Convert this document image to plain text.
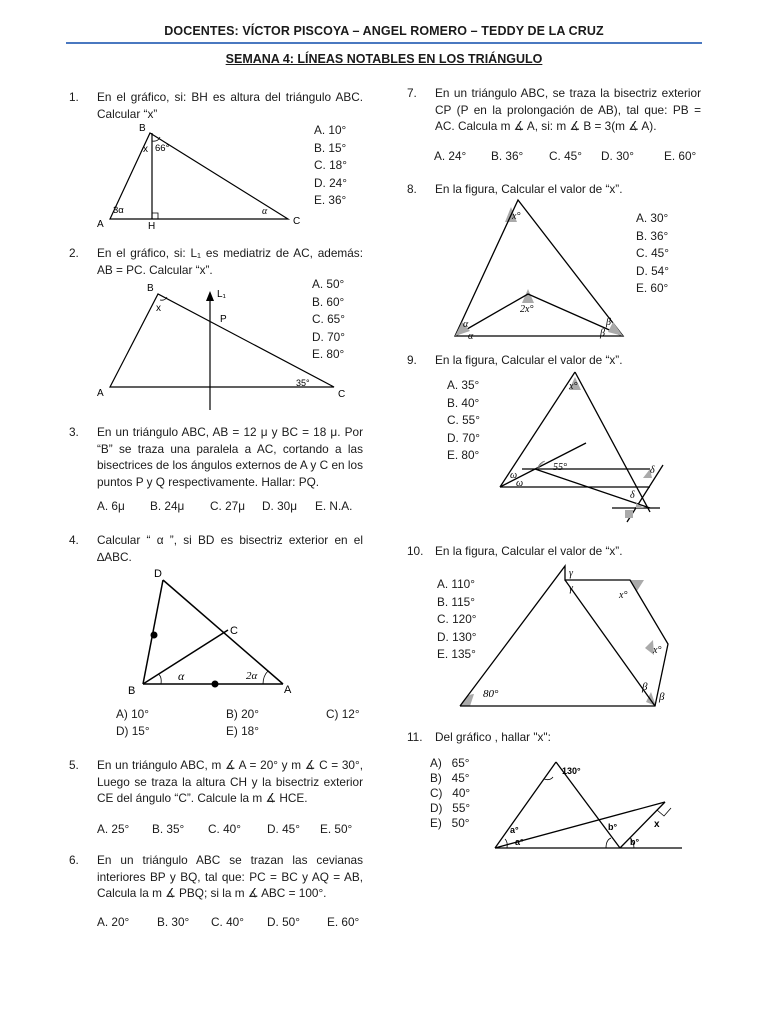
DOCENTES: VÍCTOR PISCOYA – ANGEL ROMERO – TEDDY DE LA CRUZ
SEMANA 4: LÍNEAS NOTABLES EN LOS TRIÁNGULO
1. En el gráfico, si: BH es altura del triángulo ABC. Calcular “x”
B
x 66°
3α	α
A	H	C
A. 10°
B. 15°
C. 18°
D. 24°
E. 36°
2. En el gráfico, si: L₁ es mediatriz de AC, además: AB = PC. Calcular “x”.
B
L₁
x
P
35°
A	C
A. 50°
B. 60°
C. 65°
D. 70°
E. 80°
3. En un triángulo ABC, AB = 12 μ y BC = 18 μ. Por “B” se traza una paralela a AC, cortando a las bisectrices de los ángulos externos de A y C en los puntos P y Q respectivamente. Hallar: PQ.
A. 6μ B. 24μ C. 27μ D. 30μ E. N.A.
4. Calcular “ α ”, si BD es bisectriz exterior en el ∆ABC.
D
C
α	2α
B	A
A) 10°	B) 20°	C) 12°
D) 15°	E) 18°
5. En un triángulo ABC, m ∡ A = 20° y m ∡ C = 30°, Luego se traza la altura CH y la bisectriz exterior CE del ángulo “C”. Calcule la m ∡ HCE.
A. 25° B. 35° C. 40° D. 45° E. 50°
6. En un triángulo ABC se trazan las cevianas interiores BP y BQ, tal que: PC = BC y AQ = AB, Calcula la m ∡ PBQ; si la m ∡ ABC = 100°.
A. 20° B. 30° C. 40° D. 50° E. 60°
7. En un triángulo ABC, se traza la bisectriz exterior CP (P en la prolongación de AB), tal que: PB = AC. Calcula m ∡ A, si: m ∡ B = 3(m ∡ A).
A. 24° B. 36° C. 45° D. 30°	E. 60°
8. En la figura, Calcular el valor de “x”.
x°
2x°
α
α
β
β
A. 30°
B. 36°
C. 45°
D. 54°
E. 60°
9. En la figura, Calcular el valor de “x”.
x°
55°
ω
ω
δ
δ
A. 35°
B. 40°
C. 55°
D. 70°
E. 80°
10. En la figura, Calcular el valor de “x”.
γ
γ
x°
x°
80°
β
β
A. 110°
B. 115°
C. 120°
D. 130°
E. 135°
11. Del gráfico , hallar "x":
130°
a°
a°
b°
b°
x
A)   65°
B)   45°
C)   40°
D)   55°
E)   50°
